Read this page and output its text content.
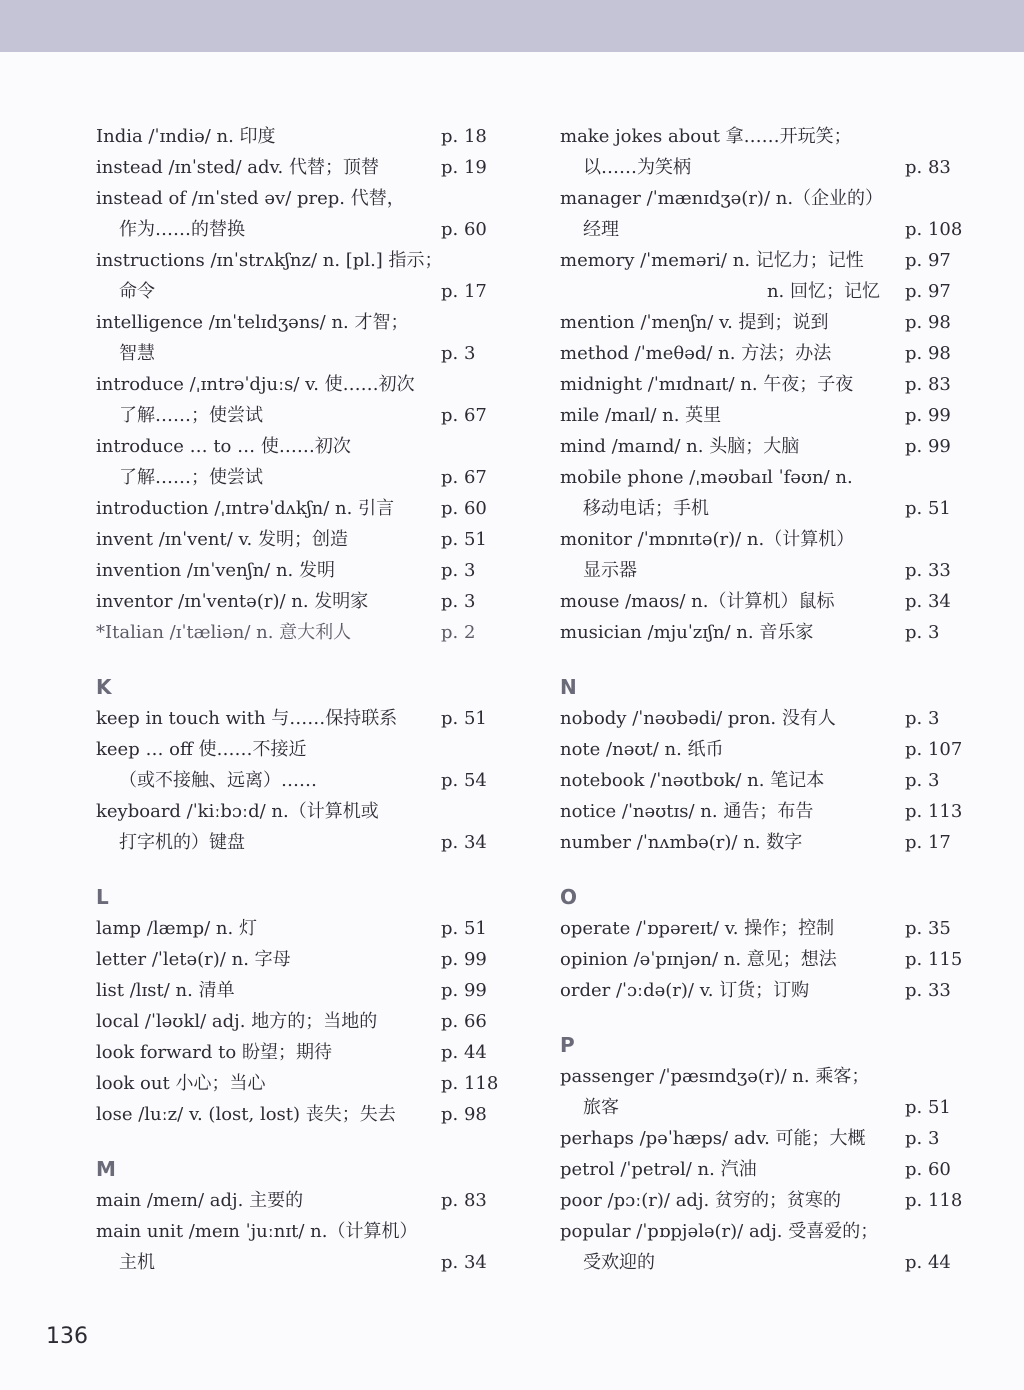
India /ˈɪndiə/ n. 印度	p. 18
instead /ɪnˈsted/ adv. 代替；顶替	p. 19
instead of /ɪnˈsted əv/ prep. 代替，
作为……的替换	p. 60
instructions /ɪnˈstrʌkʃnz/ n. [pl.] 指示；
命令	p. 17
intelligence /ɪnˈtelɪdʒəns/ n. 才智；
智慧	p. 3
introduce /ˌɪntrəˈdjuːs/ v. 使……初次
了解……；使尝试	p. 67
introduce … to … 使……初次
了解……；使尝试	p. 67
introduction /ˌɪntrəˈdʌkʃn/ n. 引言	p. 60
invent /ɪnˈvent/ v. 发明；创造	p. 51
invention /ɪnˈvenʃn/ n. 发明	p. 3
inventor /ɪnˈventə(r)/ n. 发明家	p. 3
*Italian /ɪˈtæliən/ n. 意大利人	p. 2
K
keep in touch with 与……保持联系 p. 51
keep … off 使……不接近
（或不接触、远离）……	p. 54
keyboard /ˈkiːbɔːd/ n.（计算机或
打字机的）键盘	p. 34
L
lamp /læmp/ n. 灯	p. 51
letter /ˈletə(r)/ n. 字母	p. 99
list /lɪst/ n. 清单	p. 99
local /ˈləʊkl/ adj. 地方的；当地的	p. 66
look forward to 盼望；期待	p. 44
look out 小心；当心	p. 118
lose /luːz/ v. (lost, lost) 丧失；失去	p. 98
M
main /meɪn/ adj. 主要的	p. 83
main unit /meɪn ˈjuːnɪt/ n.（计算机）
主机	p. 34
make jokes about 拿……开玩笑；
以……为笑柄	p. 83
manager /ˈmænɪdʒə(r)/ n.（企业的）
经理	p. 108
memory /ˈmeməri/ n. 记忆力；记性 p. 97
n. 回忆；记忆 p. 97
mention /ˈmenʃn/ v. 提到；说到	p. 98
method /ˈmeθəd/ n. 方法；办法	p. 98
midnight /ˈmɪdnaɪt/ n. 午夜；子夜	p. 83
mile /maɪl/ n. 英里	p. 99
mind /maɪnd/ n. 头脑；大脑	p. 99
mobile phone /ˌməʊbaɪl ˈfəʊn/ n.
移动电话；手机	p. 51
monitor /ˈmɒnɪtə(r)/ n.（计算机）
显示器	p. 33
mouse /maʊs/ n.（计算机）鼠标	p. 34
musician /mjuˈzɪʃn/ n. 音乐家	p. 3
N
nobody /ˈnəʊbədi/ pron. 没有人	p. 3
note /nəʊt/ n. 纸币	p. 107
notebook /ˈnəʊtbʊk/ n. 笔记本	p. 3
notice /ˈnəʊtɪs/ n. 通告；布告	p. 113
number /ˈnʌmbə(r)/ n. 数字	p. 17
O
operate /ˈɒpəreɪt/ v. 操作；控制	p. 35
opinion /əˈpɪnjən/ n. 意见；想法	p. 115
order /ˈɔːdə(r)/ v. 订货；订购	p. 33
P
passenger /ˈpæsɪndʒə(r)/ n. 乘客；
旅客	p. 51
perhaps /pəˈhæps/ adv. 可能；大概 p. 3
petrol /ˈpetrəl/ n. 汽油	p. 60
poor /pɔː(r)/ adj. 贫穷的；贫寒的	p. 118
popular /ˈpɒpjələ(r)/ adj. 受喜爱的；
受欢迎的	p. 44
136
